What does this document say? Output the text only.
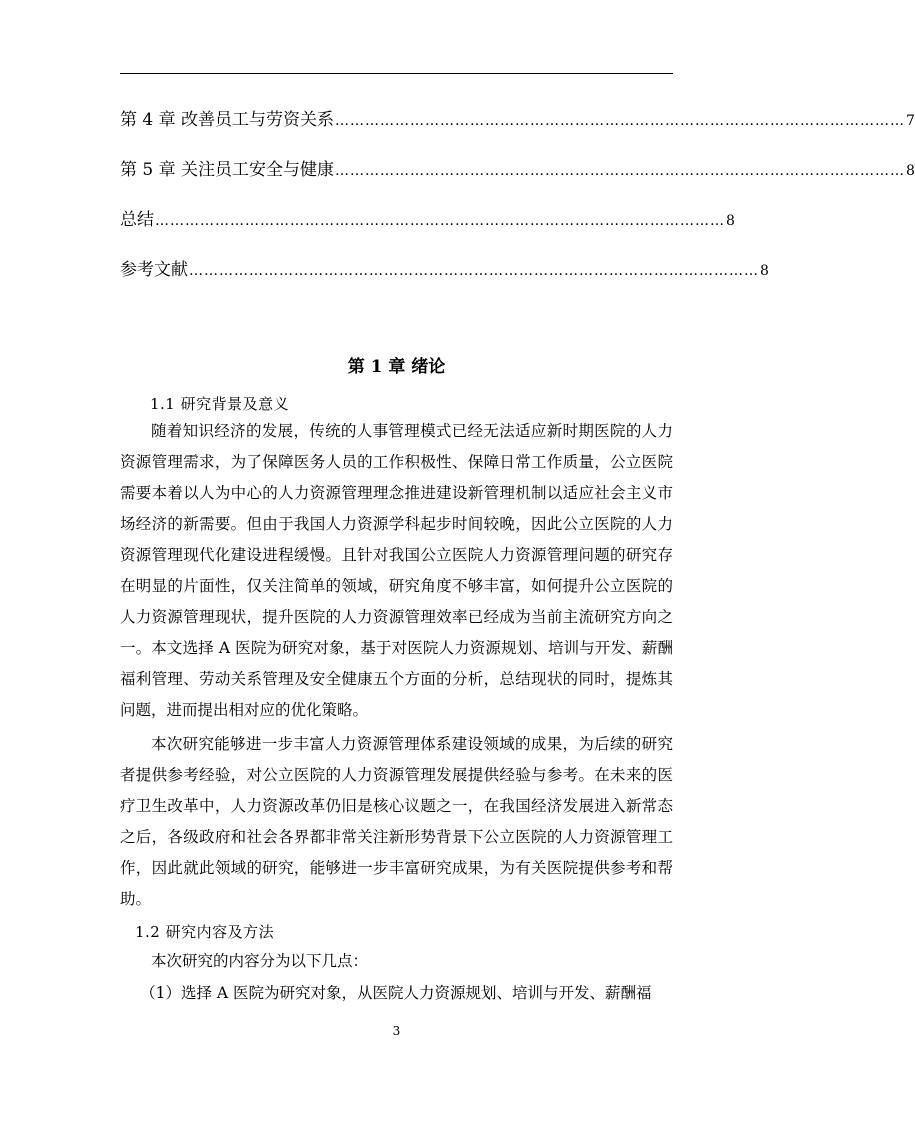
第 4 章 改善员工与劳资关系 …………………………………………………………………………………………………… 7
第 5 章 关注员工安全与健康 …………………………………………………………………………………………………… 8
总结 …………………………………………………………………………………………………… 8
参考文献 …………………………………………………………………………………………………… 8
第 1 章 绪论
1.1 研究背景及意义

随着知识经济的发展，传统的人事管理模式已经无法适应新时期医院的人力资源管理需求，为了保障医务人员的工作积极性、保障日常工作质量，公立医院需要本着以人为中心的人力资源管理理念推进建设新管理机制以适应社会主义市场经济的新需要。但由于我国人力资源学科起步时间较晚，因此公立医院的人力资源管理现代化建设进程缓慢。且针对我国公立医院人力资源管理问题的研究存在明显的片面性，仅关注简单的领域，研究角度不够丰富，如何提升公立医院的人力资源管理现状，提升医院的人力资源管理效率已经成为当前主流研究方向之一。本文选择 A 医院为研究对象，基于对医院人力资源规划、培训与开发、薪酬福利管理、劳动关系管理及安全健康五个方面的分析，总结现状的同时，提炼其问题，进而提出相对应的优化策略。

本次研究能够进一步丰富人力资源管理体系建设领域的成果，为后续的研究者提供参考经验，对公立医院的人力资源管理发展提供经验与参考。在未来的医疗卫生改革中，人力资源改革仍旧是核心议题之一，在我国经济发展进入新常态之后，各级政府和社会各界都非常关注新形势背景下公立医院的人力资源管理工作，因此就此领域的研究，能够进一步丰富研究成果，为有关医院提供参考和帮助。

1.2 研究内容及方法

本次研究的内容分为以下几点：

（1）选择 A 医院为研究对象，从医院人力资源规划、培训与开发、薪酬福

3
